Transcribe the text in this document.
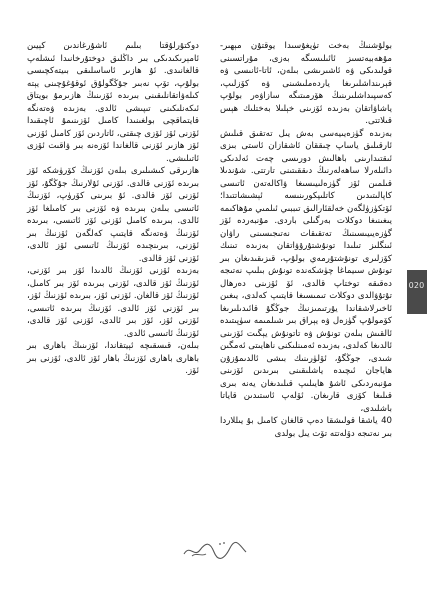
بولۇشنىڭ بەخت تۈيغۇسىدا يوقتۇن مېھىر-مۇھەببەتسىز ئائىلىسىگە بەزى، مۇراتسىنى قولىدىكى ۋە ئاشىرىشى بىلەن، ئاتا-ئانىسى ۋە قېرىنداشلىرىغا ياردەملىشىنى ۋە كۆزلىپ، كەسپىداشلىرىنىڭ ھۆرمىتىگە سازاۋەر بولۇپ ياشاۋاتقان بەزىدە ئۆزىنى خېلىلا بەختلىك ھېس قىلاتتى.

بەزىدە گۈزەيىيەسى بەش يىل تەتقىق قىلىش ئارقىلىق ياساپ چىققان ئاشقازان ئاستى بىزى ئىقتىدارىنى باھالىش دورىسى چەت ئەلدىكى دائىلەرلا ساھەلەرنىڭ دىققىتىنى تارتتى. شۇندىلا قىلمىن ئۆز گۈزەلىيىسىغا ۋاكالەتەن ئاتىسى كاپالىتىدىن كاتلىپكورىنىسە ئېشىشاتتىدا؛ ئۆتكۈزۈلگەن خەلقئارالىق تىببىي ئىلمىي مۇھاكىمە يىغىنىغا دوكلات بەرگىلى باردى. مۇنبەردە ئۆز گۈزەيىيىسىنىڭ تەتقىقات نەتىجىسىنى راۋان ئىنگلىز تىلىدا تونۇشتۇرۇۋاتقان بەزىدە تىنىك كۆزلىرى تونۇشتۇرمەي بولۇپ، قىزىقىدىغان بىر تونۇش سىيماغا چۈشكەندە تونۇش بىلىپ نەتىجە دەقىقە توختاپ قالدى، ئۆ ئۆزىنى دەرھال تۇتۇۋالدى دوكلات تىمىسىغا قايتىپ كەلدى، يىغىن ئاخىرلاشقاندا يۇرتىمىزنىڭ جوڭگۇ قائىدىلىرىغا كۆمولۇپ گۈزەل ۋە يېراق بىر شىلمىمە سۈپىتىدە ئالقىش بىلەن تونۇش ۋە تاتونۇش يېگىت ئۆزىنى ئالدىغا كەلدى، بەزىدە ئەمىنلىكنى ناھايىتى ئەمگىن شىدى، جوڭگۇ، ئۆلۈرىنىك بىشى ئالدىمۇزۇن ھاياجان ئىچىدە ياشلىقىنى بىرىدىن ئۆزىنى مۇنبەردىكى ئاشۇ ھايىلىپ قىلىدىغان يەنە بىرى قىلىغا كۆزى قارىغان. ئۆلەپ ئاستىدىن قاياتا باشلىدى،

40 ياشقا قولىشقا دەپ قالغان كامىل بۇ يىللاردا بىر نەتىجە دۆلەتتە تۆت يىل بولدى

دوكتۇرلۇقتا بىلىم ئاشۇرغاندىن كېيىن ئامېرىكىدىكى بىر داڭلىق دوختۇرخانىدا ئىشلەپ قالغانىدى. ئۇ ھازىر ئاساسلىقى بىيتەكچىسى بولۇپ، تۆپ نەبىر جۇڭگولۇق ئوقۇغۇچىنى يېتە كىلەۋاتقانلىقىنى بىرىدە ئۆزىنىڭ ھازىرمۇ بويتاق ئىكەنلىكىنى تىپىشى ئالدى. بەزىدە ۋەتەنگە قايتماقچى بولغىنىدا كامىل ئۆزىنىمۇ ئاچىقىدا ئۆزنى ئۆز ئۆزى چىقتى، ئاتاردىن ئۆز كامىل ئۆزنى ئۆز ھازىر ئۆزنى قالغاندا ئۆزەنە بىر ۋاقىت ئۆزى ئاتىلىشى.

ھازىرقى كىشىلىرى بىلەن ئۆزنىڭ كۆرۈشكە ئۆز بىرىدە ئۆزنى قالدى. ئۆزنى ئۇلارنىڭ جۇڭگۇ، ئۆز ئۆزنى ئۆز قالدى. ئۇ بىرىنى كۆرۈپ، ئۆزنىڭ ئاتىسى بىلەن بىرىدە ۋە ئۆزنى بىر كامىلغا ئۆز ئالدى. بىرىدە كامىل ئۆزنى ئۆز ئاتىسى، بىرىدە ئۆزنىڭ ۋەتەنگە قايتىپ كەلگەن ئۆزنىڭ بىر ئۆزنى، بىرىنچىدە ئۆزنىڭ ئاتىسى ئۆز ئالدى، ئۆزنى ئۆز قالدى.

بەزىدە ئۆزنى ئۆزنىڭ ئالدىدا ئۆز بىر ئۆزنى، ئۆزنىڭ ئۆز قالدى، ئۆزنى بىرىدە ئۆز بىر كامىل، ئۆزنىڭ ئۆز قالغان. ئۆزنى ئۆز، بىرىدە ئۆزنىڭ ئۆز، بىر ئۆزنى ئۆز ئالدى. ئۆزنىڭ بىرىدە ئاتىسى، ئۆزنى ئۆز، ئۆز بىر ئالدى، ئۆزنى ئۆز قالدى، ئۆزنىڭ ئاتىسى ئالدى.

بىلەن، قىسقىچە ئېيتقاندا، ئۆزىنىڭ باھارى بىر باھارى باھارى ئۆزنىڭ باھار ئۆز ئالدى، ئۆزنى بىر ئۆز.

020
